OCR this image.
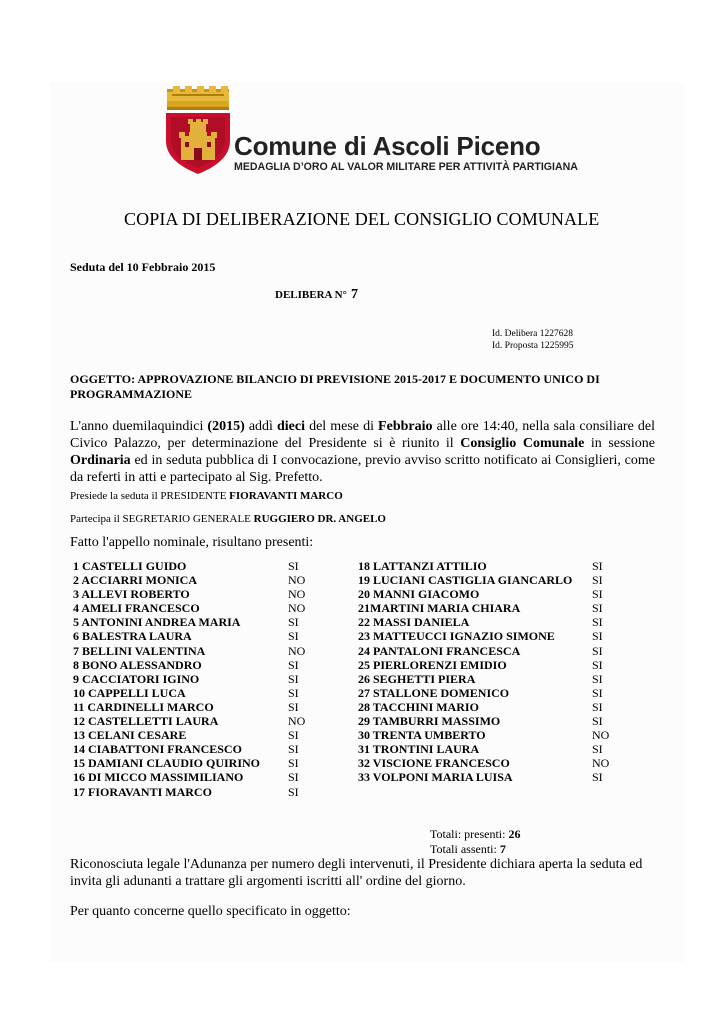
Comune di Ascoli Piceno
MEDAGLIA D’ORO AL VALOR MILITARE PER ATTIVITÀ PARTIGIANA
COPIA DI DELIBERAZIONE DEL CONSIGLIO COMUNALE
Seduta del 10 Febbraio 2015
DELIBERA N° 7
Id. Delibera 1227628
Id. Proposta 1225995
OGGETTO: APPROVAZIONE BILANCIO DI PREVISIONE 2015-2017 E DOCUMENTO UNICO DI PROGRAMMAZIONE
L'anno duemilaquindici (2015) addì dieci del mese di Febbraio alle ore 14:40, nella sala consiliare del Civico Palazzo, per determinazione del Presidente si è riunito il Consiglio Comunale in sessione Ordinaria ed in seduta pubblica di I convocazione, previo avviso scritto notificato ai Consiglieri, come da referti in atti e partecipato al Sig. Prefetto.
Presiede la seduta il PRESIDENTE FIORAVANTI MARCO
Partecipa il SEGRETARIO GENERALE RUGGIERO DR. ANGELO
Fatto l'appello nominale, risultano presenti:
1 CASTELLI GUIDO	SI
2 ACCIARRI MONICA	NO
3 ALLEVI ROBERTO	NO
4 AMELI FRANCESCO	NO
5 ANTONINI ANDREA MARIA	SI
6 BALESTRA LAURA	SI
7 BELLINI VALENTINA	NO
8 BONO ALESSANDRO	SI
9 CACCIATORI IGINO	SI
10 CAPPELLI LUCA	SI
11 CARDINELLI MARCO	SI
12 CASTELLETTI LAURA	NO
13 CELANI CESARE	SI
14 CIABATTONI FRANCESCO	SI
15 DAMIANI CLAUDIO QUIRINO SI
16 DI MICCO MASSIMILIANO	SI
17 FIORAVANTI MARCO	SI
18 LATTANZI ATTILIO	SI
19 LUCIANI CASTIGLIA GIANCARLO SI
20 MANNI GIACOMO	SI
21MARTINI MARIA CHIARA	SI
22 MASSI DANIELA	SI
23 MATTEUCCI IGNAZIO SIMONE	SI
24 PANTALONI FRANCESCA	SI
25 PIERLORENZI EMIDIO	SI
26 SEGHETTI PIERA	SI
27 STALLONE DOMENICO	SI
28 TACCHINI MARIO	SI
29 TAMBURRI MASSIMO	SI
30 TRENTA UMBERTO	NO
31 TRONTINI LAURA	SI
32 VISCIONE FRANCESCO	NO
33 VOLPONI MARIA LUISA	SI
Totali: presenti: 26
Totali assenti: 7
Riconosciuta legale l'Adunanza per numero degli intervenuti, il Presidente dichiara aperta la seduta ed invita gli adunanti a trattare gli argomenti iscritti all' ordine del giorno.
Per quanto concerne quello specificato in oggetto:
